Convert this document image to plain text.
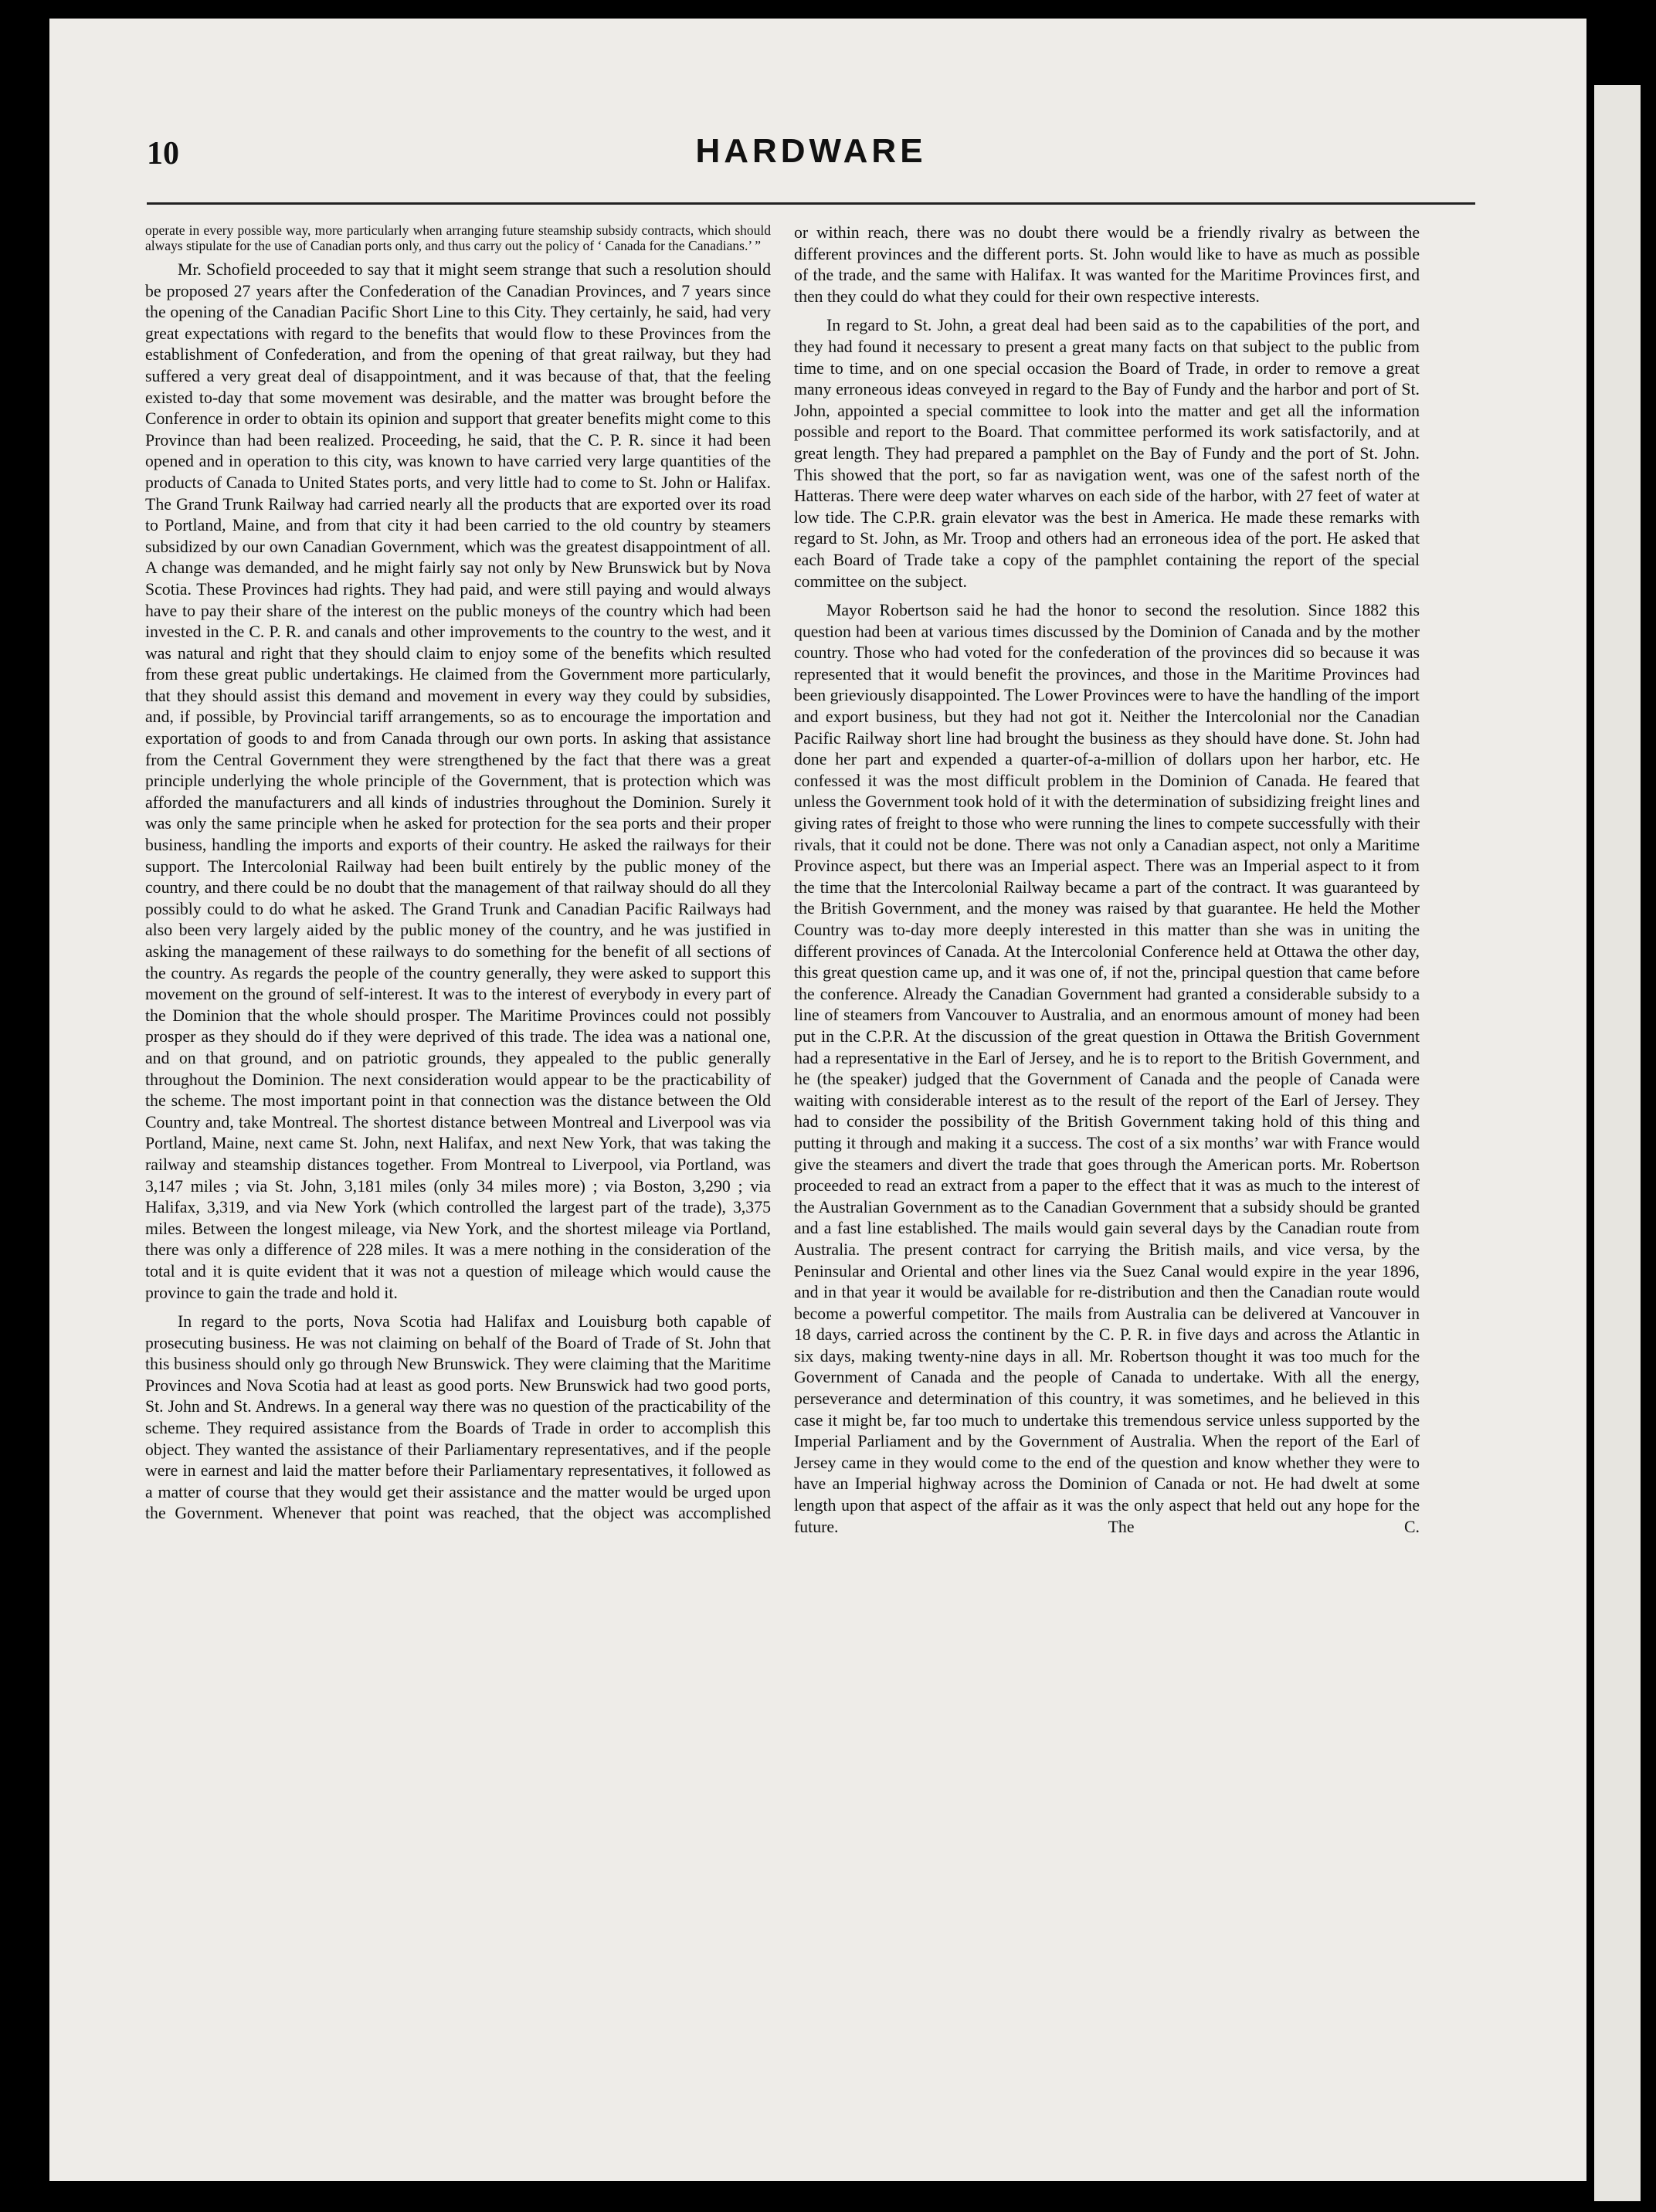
10	HARDWARE

operate in every possible way, more particularly when arranging future steamship subsidy contracts, which should always stipulate for the use of Canadian ports only, and thus carry out the policy of ‘ Canada for the Canadians.’ ”

Mr. Schofield proceeded to say that it might seem strange that such a resolution should be proposed 27 years after the Confederation of the Canadian Provinces, and 7 years since the opening of the Canadian Pacific Short Line to this City. They certainly, he said, had very great expectations with regard to the benefits that would flow to these Provinces from the establishment of Confederation, and from the opening of that great railway, but they had suffered a very great deal of disappointment, and it was because of that, that the feeling existed to-day that some movement was desirable, and the matter was brought before the Conference in order to obtain its opinion and support that greater benefits might come to this Province than had been realized. Proceeding, he said, that the C. P. R. since it had been opened and in operation to this city, was known to have carried very large quantities of the products of Canada to United States ports, and very little had to come to St. John or Halifax. The Grand Trunk Railway had carried nearly all the products that are exported over its road to Portland, Maine, and from that city it had been carried to the old country by steamers subsidized by our own Canadian Government, which was the greatest disappointment of all. A change was demanded, and he might fairly say not only by New Brunswick but by Nova Scotia. These Provinces had rights. They had paid, and were still paying and would always have to pay their share of the interest on the public moneys of the country which had been invested in the C. P. R. and canals and other improvements to the country to the west, and it was natural and right that they should claim to enjoy some of the benefits which resulted from these great public undertakings. He claimed from the Government more particularly, that they should assist this demand and movement in every way they could by subsidies, and, if possible, by Provincial tariff arrangements, so as to encourage the importation and exportation of goods to and from Canada through our own ports. In asking that assistance from the Central Government they were strengthened by the fact that there was a great principle underlying the whole principle of the Government, that is protection which was afforded the manufacturers and all kinds of industries throughout the Dominion. Surely it was only the same principle when he asked for protection for the sea ports and their proper business, handling the imports and exports of their country. He asked the railways for their support. The Intercolonial Railway had been built entirely by the public money of the country, and there could be no doubt that the management of that railway should do all they possibly could to do what he asked. The Grand Trunk and Canadian Pacific Railways had also been very largely aided by the public money of the country, and he was justified in asking the management of these railways to do something for the benefit of all sections of the country. As regards the people of the country generally, they were asked to support this movement on the ground of self-interest. It was to the interest of everybody in every part of the Dominion that the whole should prosper. The Maritime Provinces could not possibly prosper as they should do if they were deprived of this trade. The idea was a national one, and on that ground, and on patriotic grounds, they appealed to the public generally throughout the Dominion. The next consideration would appear to be the practicability of the scheme. The most important point in that connection was the distance between the Old Country and, take Montreal. The shortest distance between Montreal and Liverpool was via Portland, Maine, next came St. John, next Halifax, and next New York, that was taking the railway and steamship distances together. From Montreal to Liverpool, via Portland, was 3,147 miles ; via St. John, 3,181 miles (only 34 miles more) ; via Boston, 3,290 ; via Halifax, 3,319, and via New York (which controlled the largest part of the trade), 3,375 miles. Between the longest mileage, via New York, and the shortest mileage via Portland, there was only a difference of 228 miles. It was a mere nothing in the consideration of the total and it is quite evident that it was not a question of mileage which would cause the province to gain the trade and hold it.

In regard to the ports, Nova Scotia had Halifax and Louisburg both capable of prosecuting business. He was not claiming on behalf of the Board of Trade of St. John that this business should only go through New Brunswick. They were claiming that the Maritime Provinces and Nova Scotia had at least as good ports. New Brunswick had two good ports, St. John and St. Andrews. In a general way there was no question of the practicability of the scheme. They required assistance from the Boards of Trade in order to accomplish this object. They wanted the assistance of their Parliamentary representatives, and if the people were in earnest and laid the matter before their Parliamentary representatives, it followed as a matter of course that they would get their assistance and the matter would be urged upon the Government. Whenever that point was reached, that the object was accomplished

or within reach, there was no doubt there would be a friendly rivalry as between the different provinces and the different ports. St. John would like to have as much as possible of the trade, and the same with Halifax. It was wanted for the Maritime Provinces first, and then they could do what they could for their own respective interests.

In regard to St. John, a great deal had been said as to the capabilities of the port, and they had found it necessary to present a great many facts on that subject to the public from time to time, and on one special occasion the Board of Trade, in order to remove a great many erroneous ideas conveyed in regard to the Bay of Fundy and the harbor and port of St. John, appointed a special committee to look into the matter and get all the information possible and report to the Board. That committee performed its work satisfactorily, and at great length. They had prepared a pamphlet on the Bay of Fundy and the port of St. John. This showed that the port, so far as navigation went, was one of the safest north of the Hatteras. There were deep water wharves on each side of the harbor, with 27 feet of water at low tide. The C.P.R. grain elevator was the best in America. He made these remarks with regard to St. John, as Mr. Troop and others had an erroneous idea of the port. He asked that each Board of Trade take a copy of the pamphlet containing the report of the special committee on the subject.

Mayor Robertson said he had the honor to second the resolution. Since 1882 this question had been at various times discussed by the Dominion of Canada and by the mother country. Those who had voted for the confederation of the provinces did so because it was represented that it would benefit the provinces, and those in the Maritime Provinces had been grieviously disappointed. The Lower Provinces were to have the handling of the import and export business, but they had not got it. Neither the Intercolonial nor the Canadian Pacific Railway short line had brought the business as they should have done. St. John had done her part and expended a quarter-of-a-million of dollars upon her harbor, etc. He confessed it was the most difficult problem in the Dominion of Canada. He feared that unless the Government took hold of it with the determination of subsidizing freight lines and giving rates of freight to those who were running the lines to compete successfully with their rivals, that it could not be done. There was not only a Canadian aspect, not only a Maritime Province aspect, but there was an Imperial aspect. There was an Imperial aspect to it from the time that the Intercolonial Railway became a part of the contract. It was guaranteed by the British Government, and the money was raised by that guarantee. He held the Mother Country was to-day more deeply interested in this matter than she was in uniting the different provinces of Canada. At the Intercolonial Conference held at Ottawa the other day, this great question came up, and it was one of, if not the, principal question that came before the conference. Already the Canadian Government had granted a considerable subsidy to a line of steamers from Vancouver to Australia, and an enormous amount of money had been put in the C.P.R. At the discussion of the great question in Ottawa the British Government had a representative in the Earl of Jersey, and he is to report to the British Government, and he (the speaker) judged that the Government of Canada and the people of Canada were waiting with considerable interest as to the result of the report of the Earl of Jersey. They had to consider the possibility of the British Government taking hold of this thing and putting it through and making it a success. The cost of a six months’ war with France would give the steamers and divert the trade that goes through the American ports. Mr. Robertson proceeded to read an extract from a paper to the effect that it was as much to the interest of the Australian Government as to the Canadian Government that a subsidy should be granted and a fast line established. The mails would gain several days by the Canadian route from Australia. The present contract for carrying the British mails, and vice versa, by the Peninsular and Oriental and other lines via the Suez Canal would expire in the year 1896, and in that year it would be available for re-distribution and then the Canadian route would become a powerful competitor. The mails from Australia can be delivered at Vancouver in 18 days, carried across the continent by the C. P. R. in five days and across the Atlantic in six days, making twenty-nine days in all. Mr. Robertson thought it was too much for the Government of Canada and the people of Canada to undertake. With all the energy, perseverance and determination of this country, it was sometimes, and he believed in this case it might be, far too much to undertake this tremendous service unless supported by the Imperial Parliament and by the Government of Australia. When the report of the Earl of Jersey came in they would come to the end of the question and know whether they were to have an Imperial highway across the Dominion of Canada or not. He had dwelt at some length upon that aspect of the affair as it was the only aspect that held out any hope for the future. The C.
